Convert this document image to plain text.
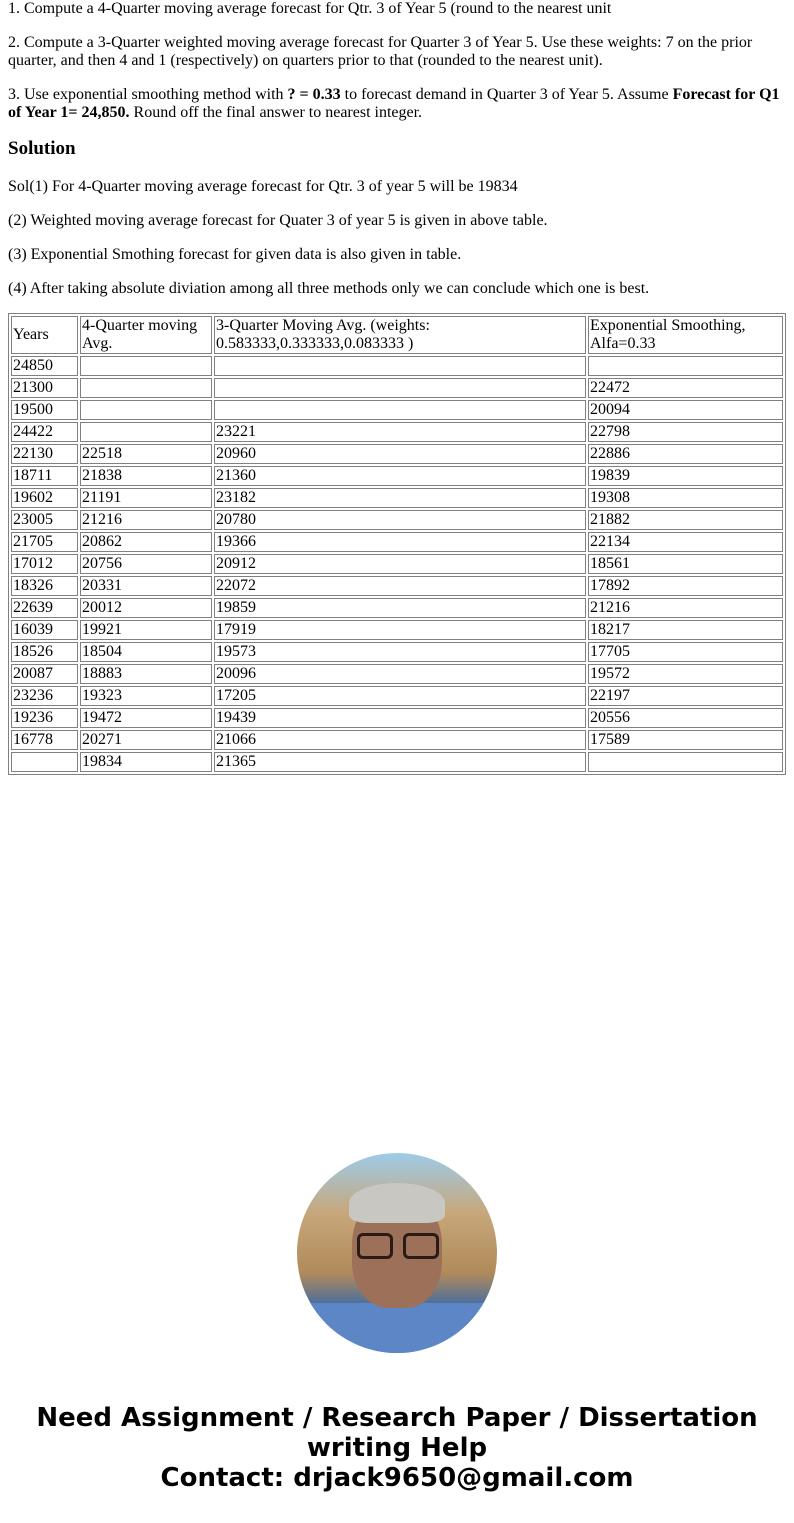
1. Compute a 4-Quarter moving average forecast for Qtr. 3 of Year 5 (round to the nearest unit

2. Compute a 3-Quarter weighted moving average forecast for Quarter 3 of Year 5. Use these weights: 7 on the prior quarter, and then 4 and 1 (respectively) on quarters prior to that (rounded to the nearest unit).

3. Use exponential smoothing method with ? = 0.33 to forecast demand in Quarter 3 of Year 5. Assume Forecast for Q1 of Year 1= 24,850. Round off the final answer to nearest integer.

Solution

Sol(1) For 4-Quarter moving average forecast for Qtr. 3 of year 5 will be 19834

(2) Weighted moving average forecast for Quater 3 of year 5 is given in above table.

(3) Exponential Smothing forecast for given data is also given in table.

(4) After taking absolute diviation among all three methods only we can conclude which one is best.

Years	4-Quarter moving Avg.	3-Quarter Moving Avg. (weights: 0.583333,0.333333,0.083333 )	Exponential Smoothing, Alfa=0.33
24850			
21300			22472
19500			20094
24422		23221	22798
22130	22518	20960	22886
18711	21838	21360	19839
19602	21191	23182	19308
23005	21216	20780	21882
21705	20862	19366	22134
17012	20756	20912	18561
18326	20331	22072	17892
22639	20012	19859	21216
16039	19921	17919	18217
18526	18504	19573	17705
20087	18883	20096	19572
23236	19323	17205	22197
19236	19472	19439	20556
16778	20271	21066	17589
	19834	21365	
Need Assignment / Research Paper / Dissertation writing Help
Contact: drjack9650@gmail.com
